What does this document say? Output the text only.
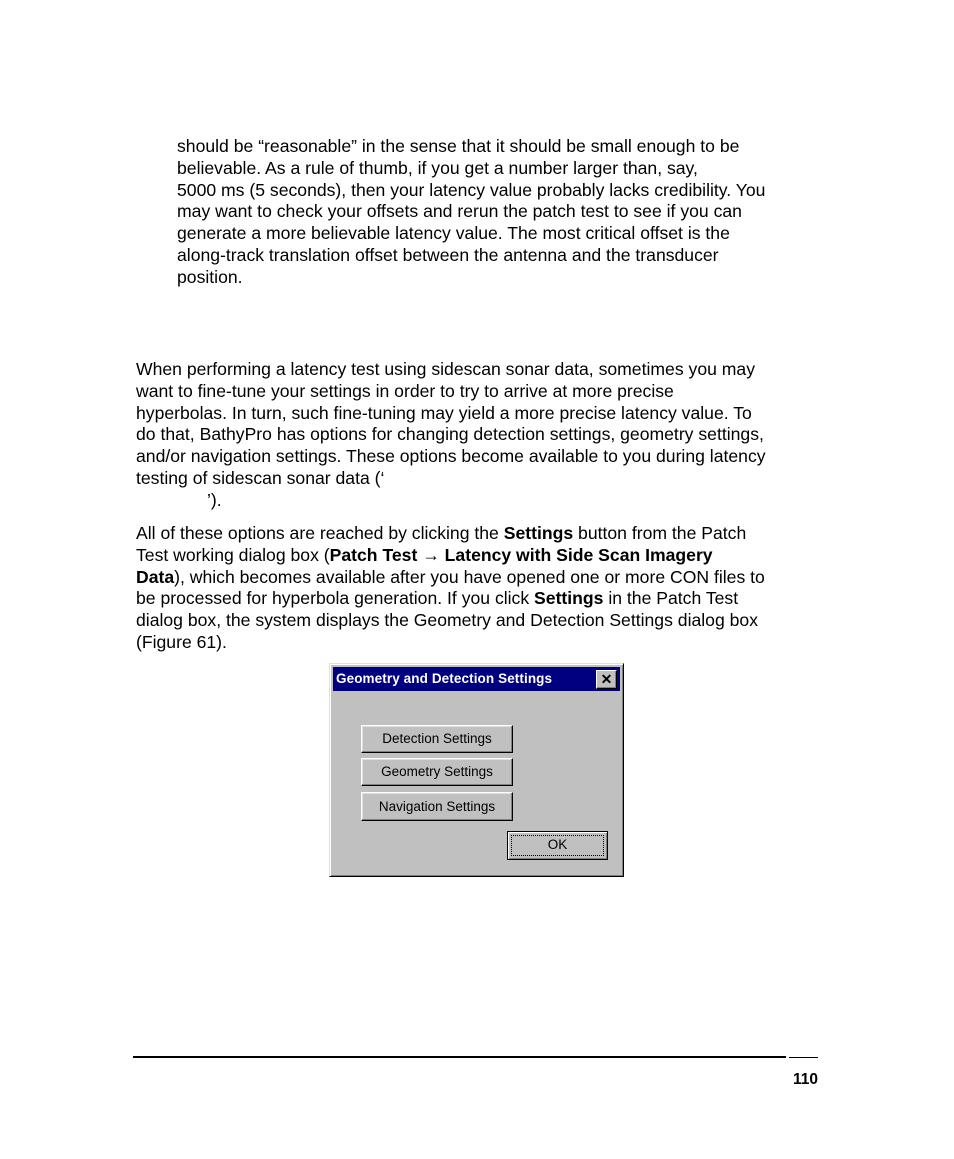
should be “reasonable” in the sense that it should be small enough to be
believable. As a rule of thumb, if you get a number larger than, say,
5000 ms (5 seconds), then your latency value probably lacks credibility. You
may want to check your offsets and rerun the patch test to see if you can
generate a more believable latency value. The most critical offset is the
along-track translation offset between the antenna and the transducer
position.
When performing a latency test using sidescan sonar data, sometimes you may
want to fine-tune your settings in order to try to arrive at more precise
hyperbolas. In turn, such fine-tuning may yield a more precise latency value. To
do that, BathyPro has options for changing detection settings, geometry settings,
and/or navigation settings. These options become available to you during latency
testing of sidescan sonar data (‘
’).
All of these options are reached by clicking the Settings button from the Patch
Test working dialog box (Patch Test → Latency with Side Scan Imagery
Data), which becomes available after you have opened one or more CON files to
be processed for hyperbola generation. If you click Settings in the Patch Test
dialog box, the system displays the Geometry and Detection Settings dialog box
(Figure 61).
Geometry and Detection Settings	✕
Detection Settings
Geometry Settings
Navigation Settings
OK
110
